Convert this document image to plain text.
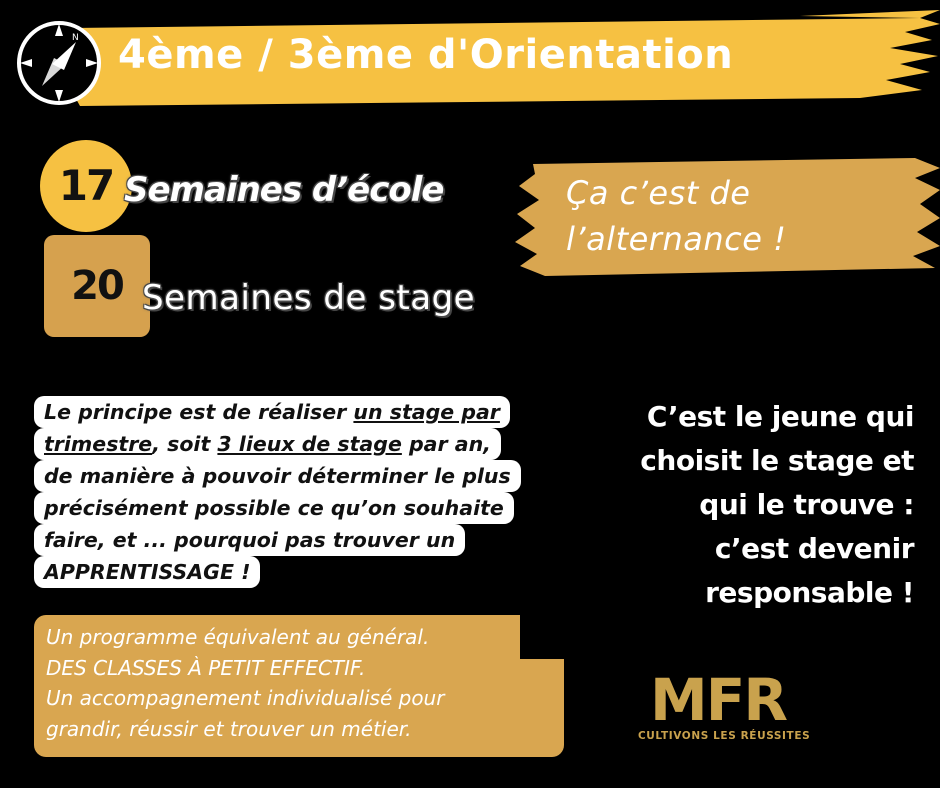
N 4ème / 3ème d'Orientation
17 Semaines d’école
20 Semaines de stage
Ça c’est de
l’alternance !
Le principe est de réaliser un stage par
trimestre, soit 3 lieux de stage par an,
de manière à pouvoir déterminer le plus
précisément possible ce qu’on souhaite
faire, et ... pourquoi pas trouver un
APPRENTISSAGE !
Un programme équivalent au général.
DES CLASSES À PETIT EFFECTIF.
Un accompagnement individualisé pour
grandir, réussir et trouver un métier.
C’est le jeune qui
choisit le stage et
qui le trouve :
c’est devenir
responsable !
MFR
CULTIVONS LES RÉUSSITES
